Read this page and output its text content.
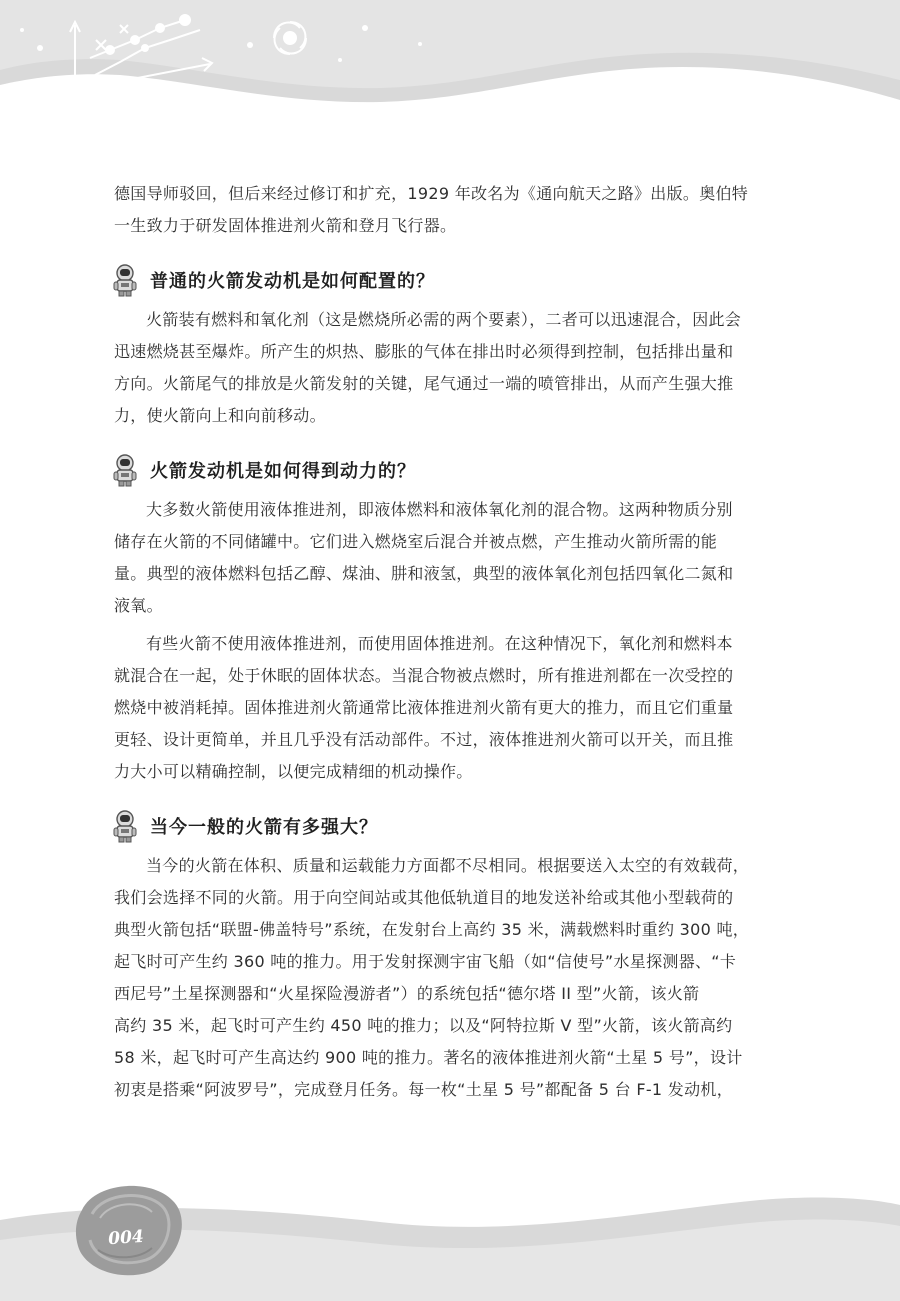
德国导师驳回，但后来经过修订和扩充，1929 年改名为《通向航天之路》出版。奥伯特

一生致力于研发固体推进剂火箭和登月飞行器。

普通的火箭发动机是如何配置的？

火箭装有燃料和氧化剂（这是燃烧所必需的两个要素），二者可以迅速混合，因此会

迅速燃烧甚至爆炸。所产生的炽热、膨胀的气体在排出时必须得到控制，包括排出量和

方向。火箭尾气的排放是火箭发射的关键，尾气通过一端的喷管排出，从而产生强大推

力，使火箭向上和向前移动。

火箭发动机是如何得到动力的？

大多数火箭使用液体推进剂，即液体燃料和液体氧化剂的混合物。这两种物质分别

储存在火箭的不同储罐中。它们进入燃烧室后混合并被点燃，产生推动火箭所需的能

量。典型的液体燃料包括乙醇、煤油、肼和液氢，典型的液体氧化剂包括四氧化二氮和

液氧。

有些火箭不使用液体推进剂，而使用固体推进剂。在这种情况下，氧化剂和燃料本

就混合在一起，处于休眠的固体状态。当混合物被点燃时，所有推进剂都在一次受控的

燃烧中被消耗掉。固体推进剂火箭通常比液体推进剂火箭有更大的推力，而且它们重量

更轻、设计更简单，并且几乎没有活动部件。不过，液体推进剂火箭可以开关，而且推

力大小可以精确控制，以便完成精细的机动操作。

当今一般的火箭有多强大？

当今的火箭在体积、质量和运载能力方面都不尽相同。根据要送入太空的有效载荷，

我们会选择不同的火箭。用于向空间站或其他低轨道目的地发送补给或其他小型载荷的

典型火箭包括“联盟-佛盖特号”系统，在发射台上高约 35 米，满载燃料时重约 300 吨，

起飞时可产生约 360 吨的推力。用于发射探测宇宙飞船（如“信使号”水星探测器、“卡

西尼号”土星探测器和“火星探险漫游者”）的系统包括“德尔塔 II 型”火箭，该火箭

高约 35 米，起飞时可产生约 450 吨的推力；以及“阿特拉斯 V 型”火箭，该火箭高约

58 米，起飞时可产生高达约 900 吨的推力。著名的液体推进剂火箭“土星 5 号”，设计

初衷是搭乘“阿波罗号”，完成登月任务。每一枚“土星 5 号”都配备 5 台 F-1 发动机，

004
